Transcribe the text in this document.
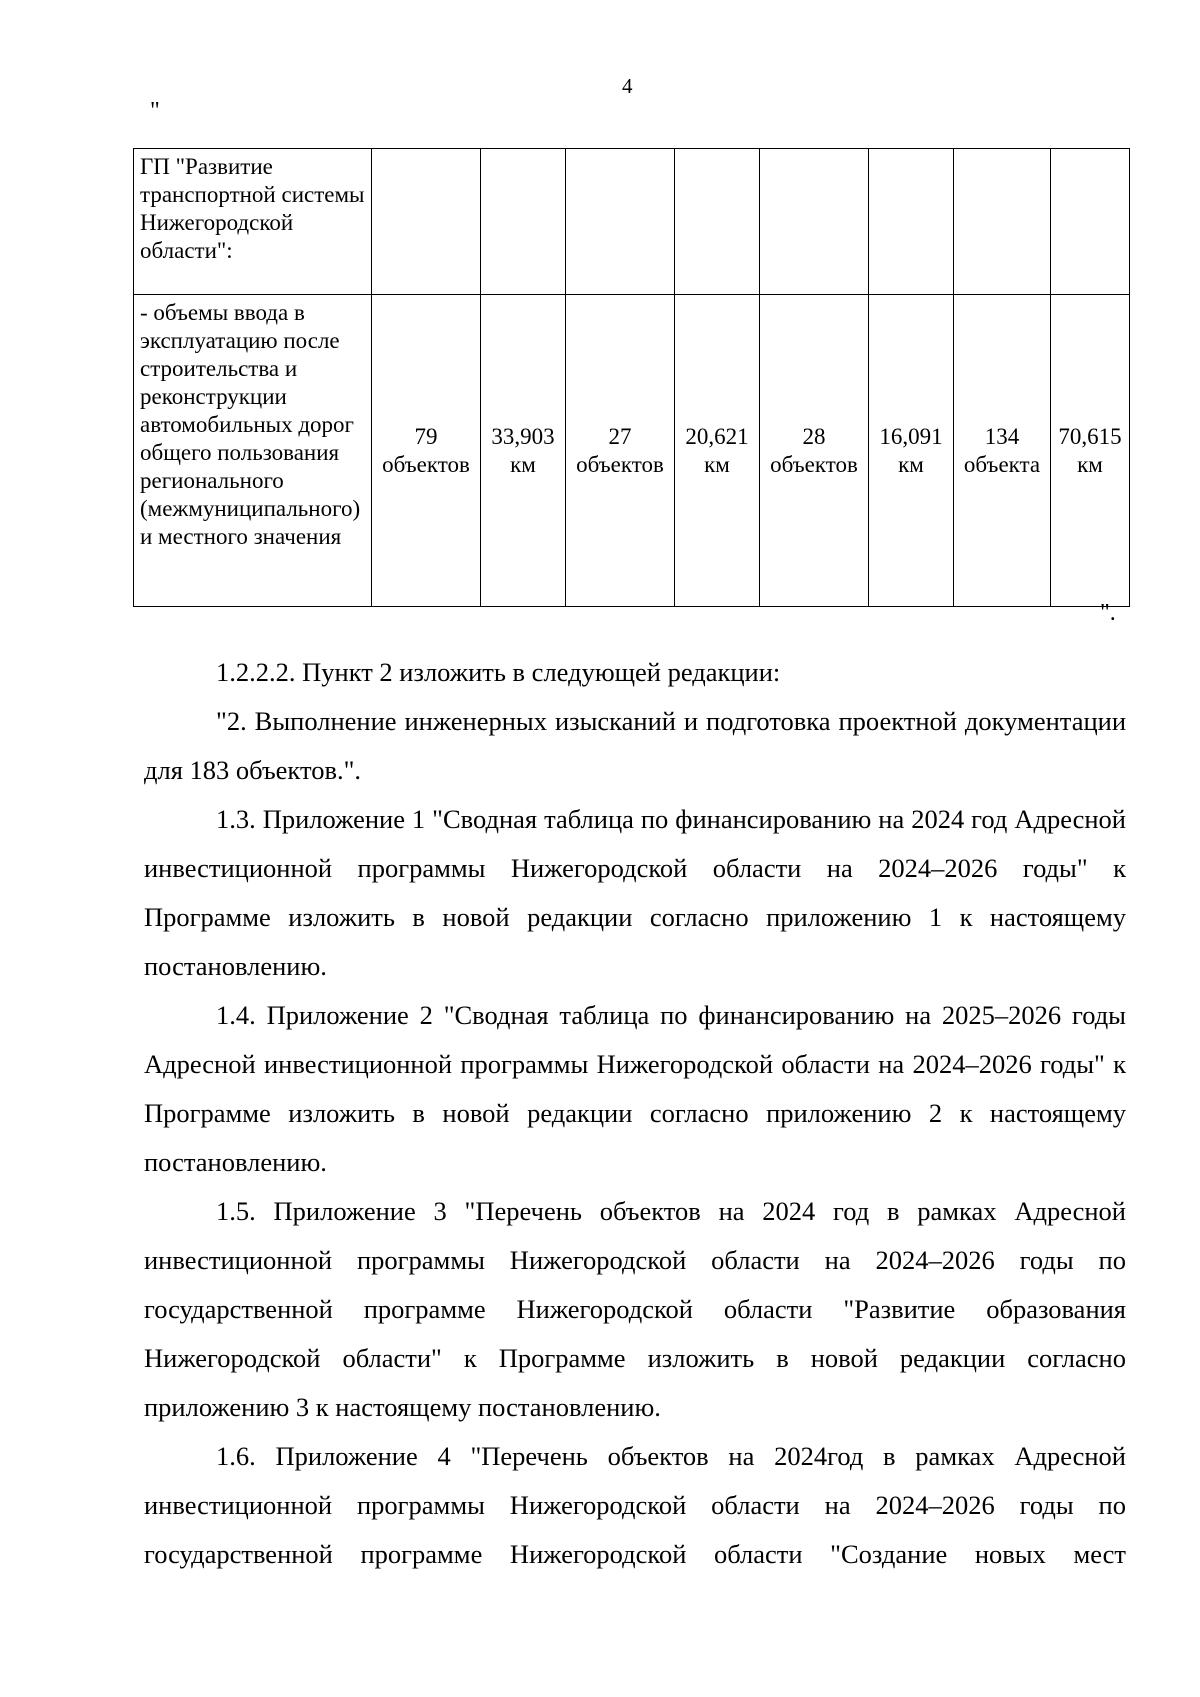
4
"
ГП "Развитие транспортной системы Нижегородской области":								
- объемы ввода в эксплуатацию после строительства и реконструкции автомобильных дорог общего пользования регионального (межмуниципального) и местного значения	79 объектов	33,903 км	27 объектов	20,621 км	28 объектов	16,091 км	134 объекта	70,615 км
".

1.2.2.2. Пункт 2 изложить в следующей редакции:

"2. Выполнение инженерных изысканий и подготовка проектной документации для 183 объектов.".

1.3. Приложение 1 "Сводная таблица по финансированию на 2024 год Адресной инвестиционной программы Нижегородской области на 2024–2026 годы" к Программе изложить в новой редакции согласно приложению 1 к настоящему постановлению.

1.4. Приложение 2 "Сводная таблица по финансированию на 2025–2026 годы Адресной инвестиционной программы Нижегородской области на 2024–2026 годы" к Программе изложить в новой редакции согласно приложению 2 к настоящему постановлению.

1.5. Приложение 3 "Перечень объектов на 2024 год в рамках Адресной инвестиционной программы Нижегородской области на 2024–2026 годы по государственной программе Нижегородской области "Развитие образования Нижегородской области" к Программе изложить в новой редакции согласно приложению 3 к настоящему постановлению.

1.6. Приложение 4 "Перечень объектов на 2024год в рамках Адресной инвестиционной программы Нижегородской области на 2024–2026 годы по государственной программе Нижегородской области "Создание новых мест
